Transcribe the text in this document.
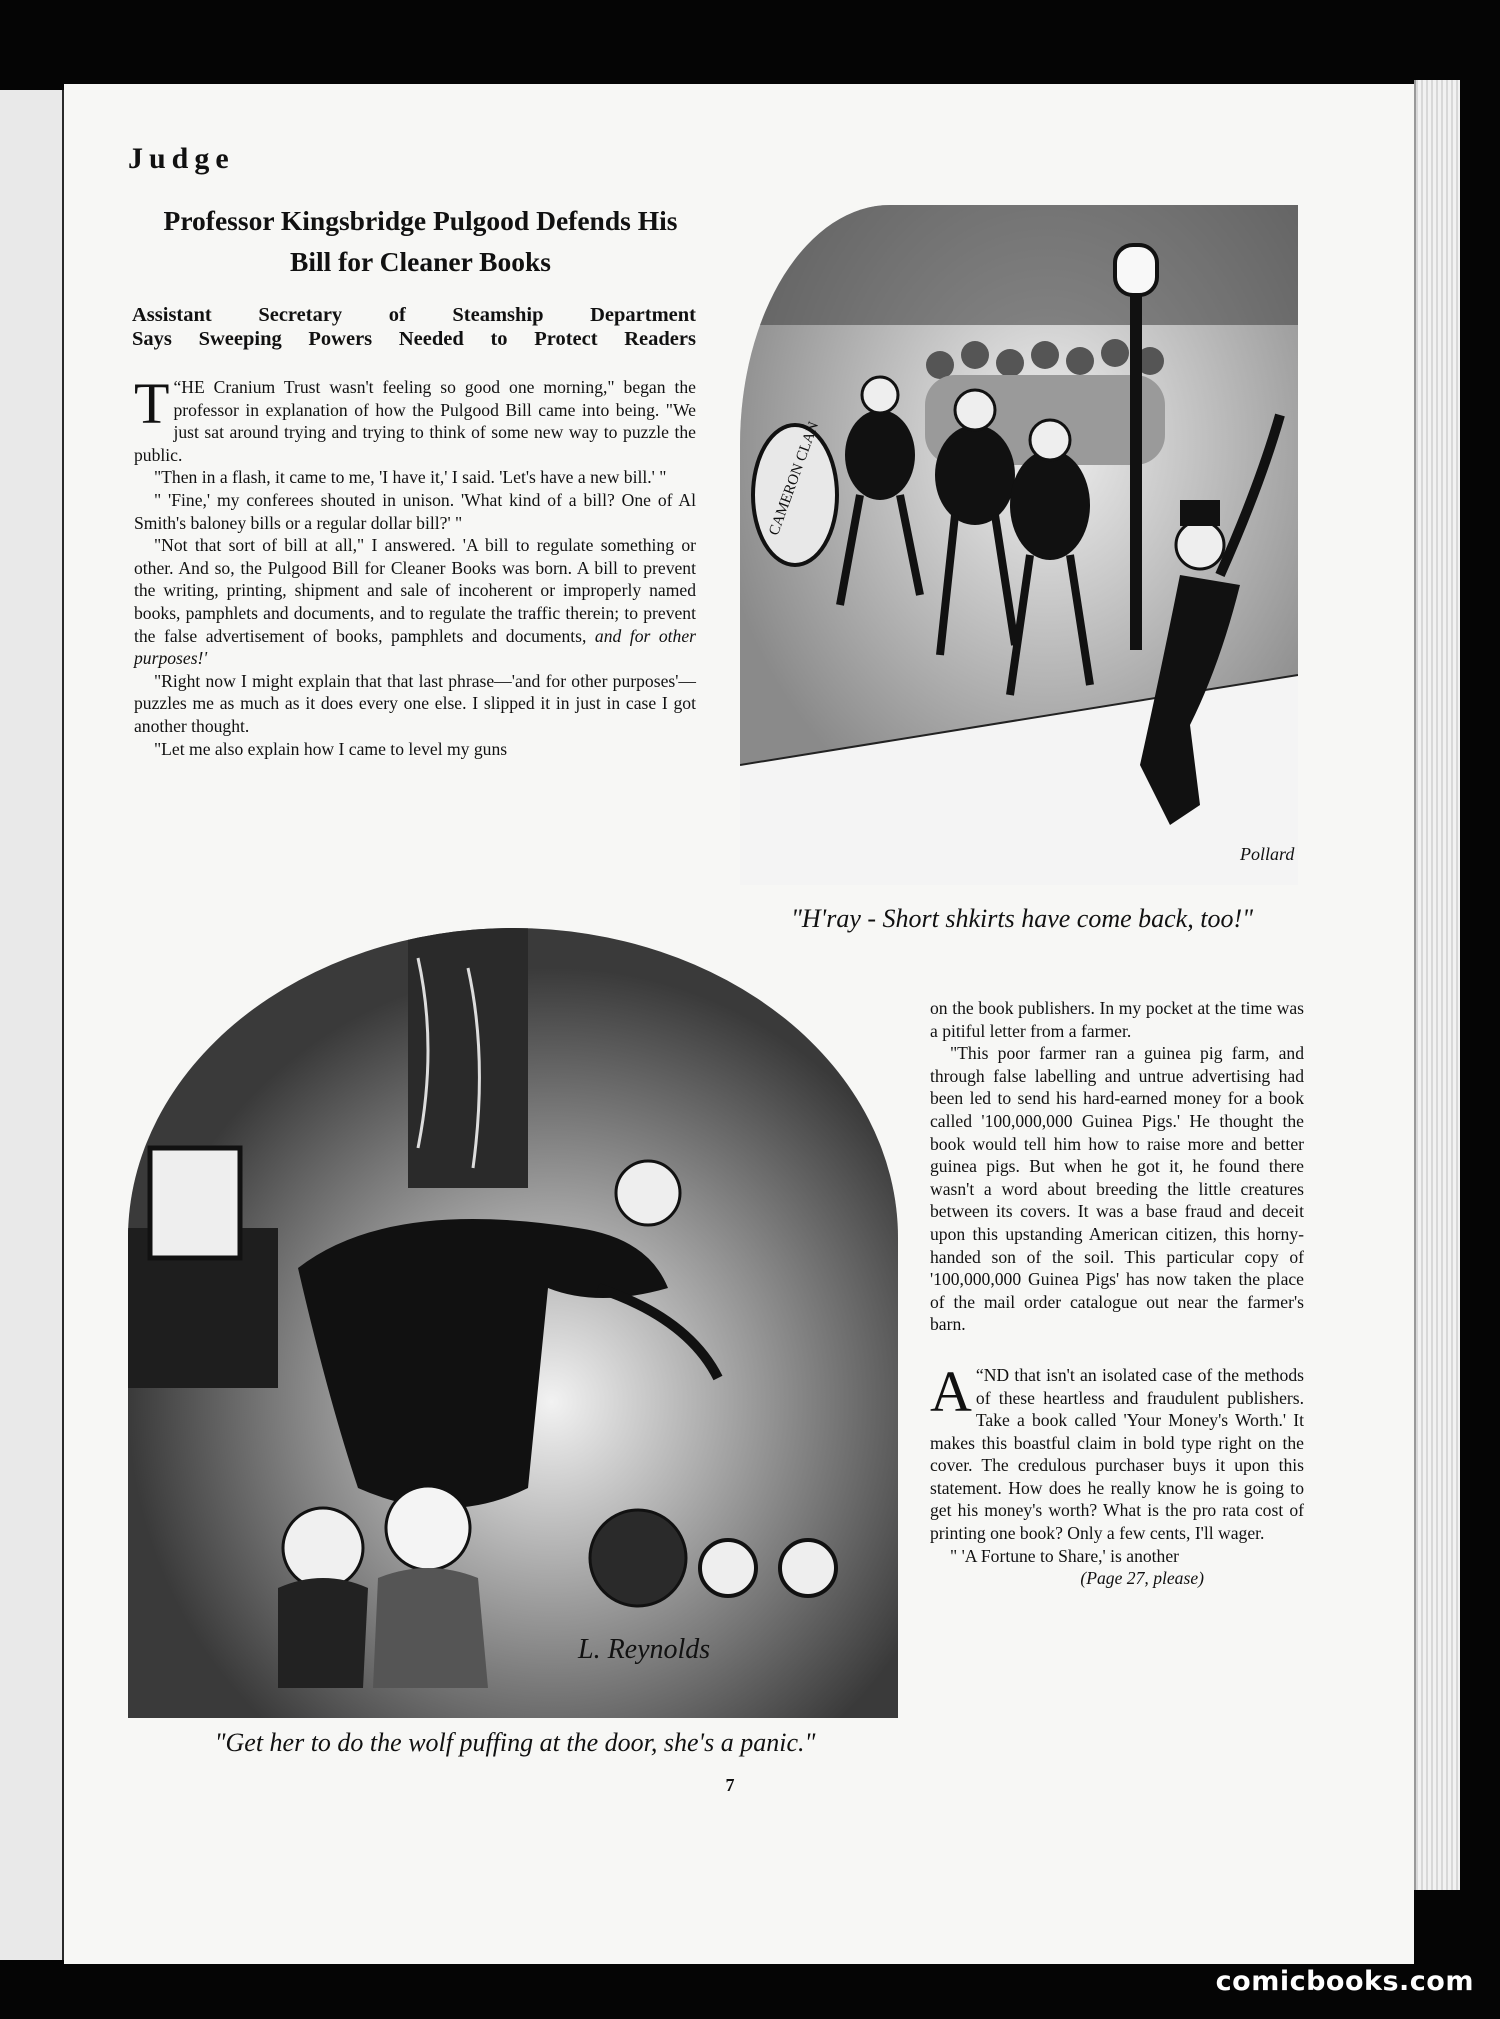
Judge
Professor Kingsbridge Pulgood Defends His
Bill for Cleaner Books
Assistant Secretary of Steamship Department
Says Sweeping Powers Needed to Protect Readers

“
T HE Cranium Trust wasn't feeling so good one morning," began the professor in explanation of how the Pulgood Bill came into being. "We just sat around trying and trying to think of some new way to puzzle the public.

"Then in a flash, it came to me, 'I have it,' I said. 'Let's have a new bill.' "

" 'Fine,' my conferees shouted in unison. 'What kind of a bill? One of Al Smith's baloney bills or a regular dollar bill?' "

"Not that sort of bill at all," I answered. 'A bill to regulate something or other. And so, the Pulgood Bill for Cleaner Books was born. A bill to prevent the writing, printing, shipment and sale of incoherent or improperly named books, pamphlets and documents, and to regulate the traffic therein; to prevent the false advertisement of books, pamphlets and documents, and for other purposes!'

"Right now I might explain that that last phrase—'and for other purposes'—puzzles me as much as it does every one else. I slipped it in just in case I got another thought.

"Let me also explain how I came to level my guns

CAMERON CLAN
Pollard

"H'ray - Short shkirts have come back, too!"

L. Reynolds

"Get her to do the wolf puffing at the door, she's a panic."

on the book publishers. In my pocket at the time was a pitiful letter from a farmer.

"This poor farmer ran a guinea pig farm, and through false labelling and untrue advertising had been led to send his hard-earned money for a book called '100,000,000 Guinea Pigs.' He thought the book would tell him how to raise more and better guinea pigs. But when he got it, he found there wasn't a word about breeding the little creatures between its covers. It was a base fraud and deceit upon this upstanding American citizen, this horny-handed son of the soil. This particular copy of '100,000,000 Guinea Pigs' has now taken the place of the mail order catalogue out near the farmer's barn.

“
A ND that isn't an isolated case of the methods of these heartless and fraudulent publishers. Take a book called 'Your Money's Worth.' It makes this boastful claim in bold type right on the cover. The credulous purchaser buys it upon this statement. How does he really know he is going to get his money's worth? What is the pro rata cost of printing one book? Only a few cents, I'll wager.

" 'A Fortune to Share,' is another

(Page 27, please)

7

comicbooks.com
